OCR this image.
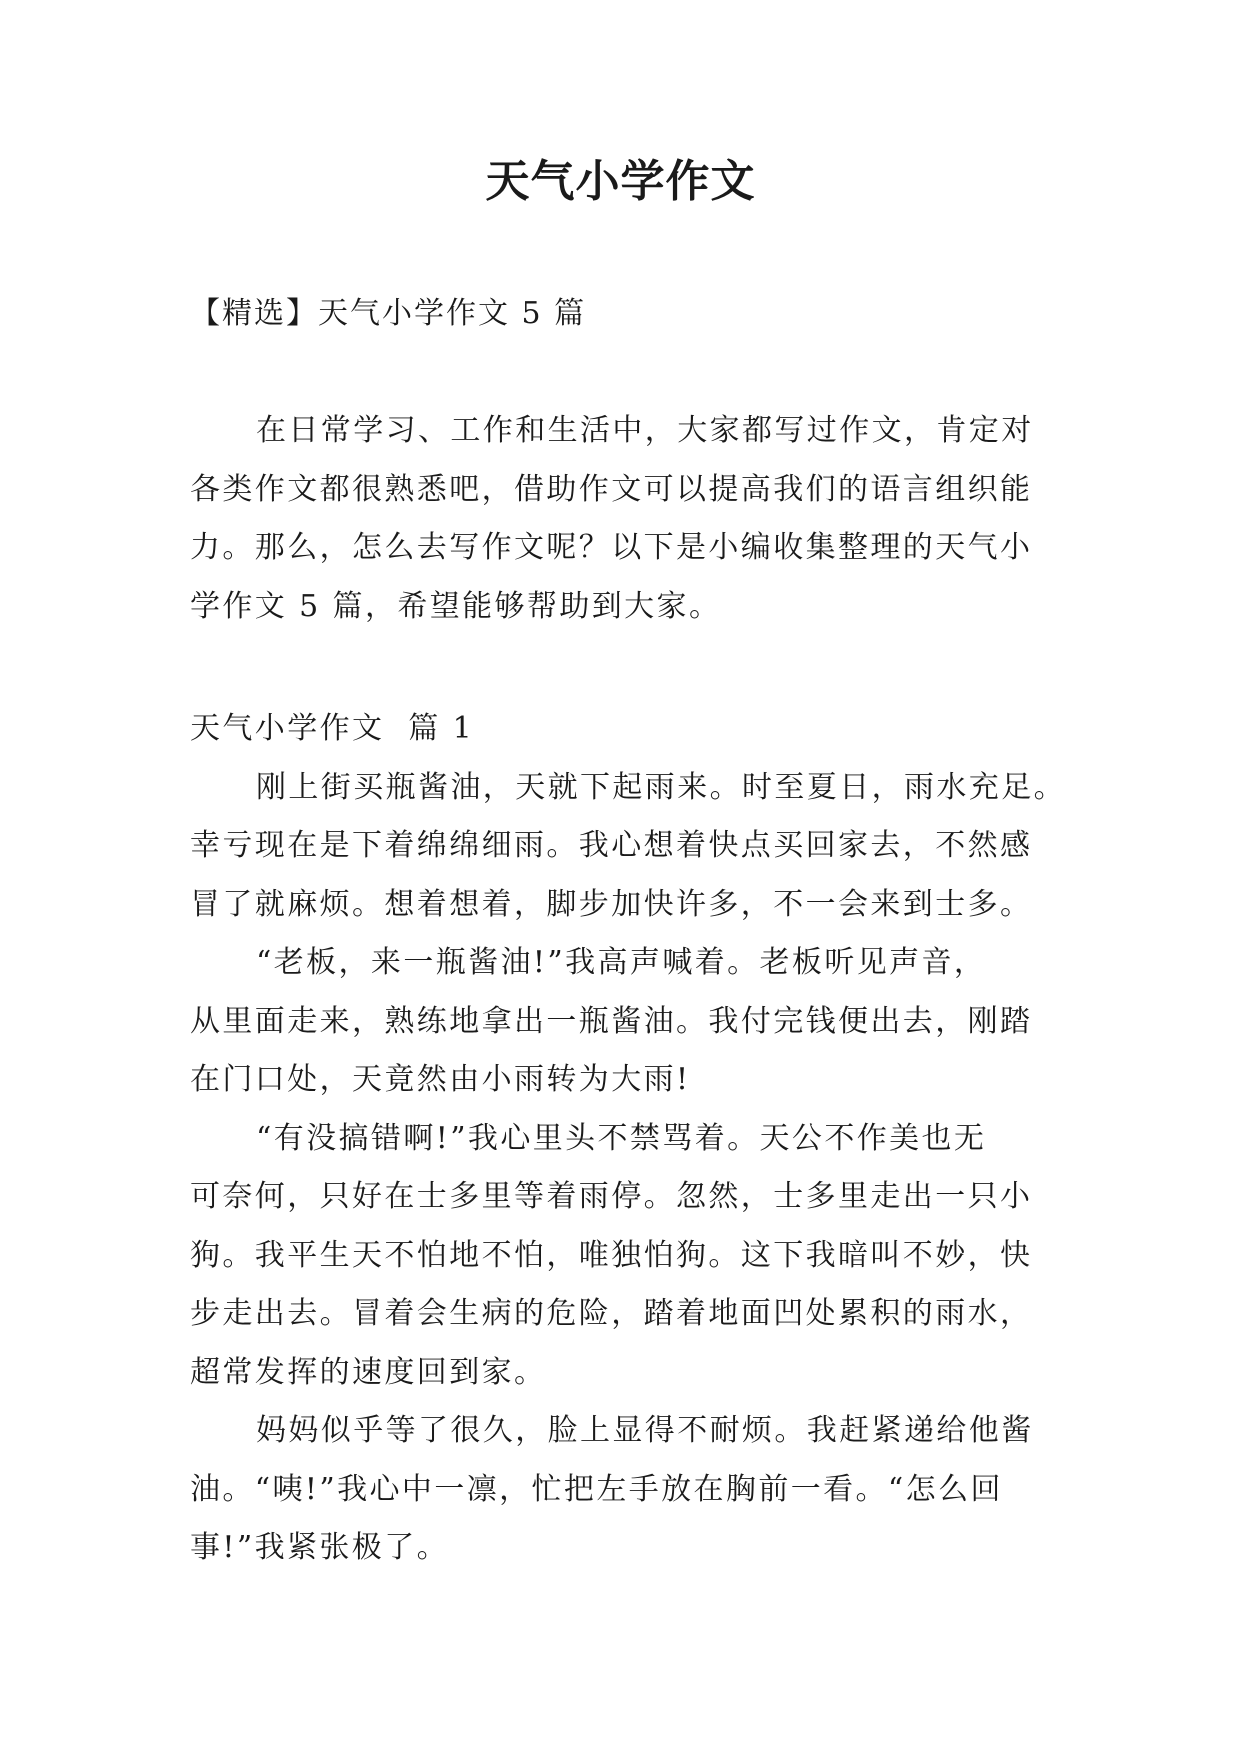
天气小学作文
【精选】天气小学作文 5 篇

在日常学习、工作和生活中，大家都写过作文，肯定对
各类作文都很熟悉吧，借助作文可以提高我们的语言组织能
力。那么，怎么去写作文呢？以下是小编收集整理的天气小
学作文 5 篇，希望能够帮助到大家。

天气小学作文  篇 1

刚上街买瓶酱油，天就下起雨来。时至夏日，雨水充足。
幸亏现在是下着绵绵细雨。我心想着快点买回家去，不然感
冒了就麻烦。想着想着，脚步加快许多，不一会来到士多。

“老板，来一瓶酱油!”我高声喊着。老板听见声音，
从里面走来，熟练地拿出一瓶酱油。我付完钱便出去，刚踏
在门口处，天竟然由小雨转为大雨!

“有没搞错啊!”我心里头不禁骂着。天公不作美也无
可奈何，只好在士多里等着雨停。忽然，士多里走出一只小
狗。我平生天不怕地不怕，唯独怕狗。这下我暗叫不妙，快
步走出去。冒着会生病的危险，踏着地面凹处累积的雨水，
超常发挥的速度回到家。

妈妈似乎等了很久，脸上显得不耐烦。我赶紧递给他酱
油。“咦!”我心中一凛，忙把左手放在胸前一看。“怎么回
事!”我紧张极了。
